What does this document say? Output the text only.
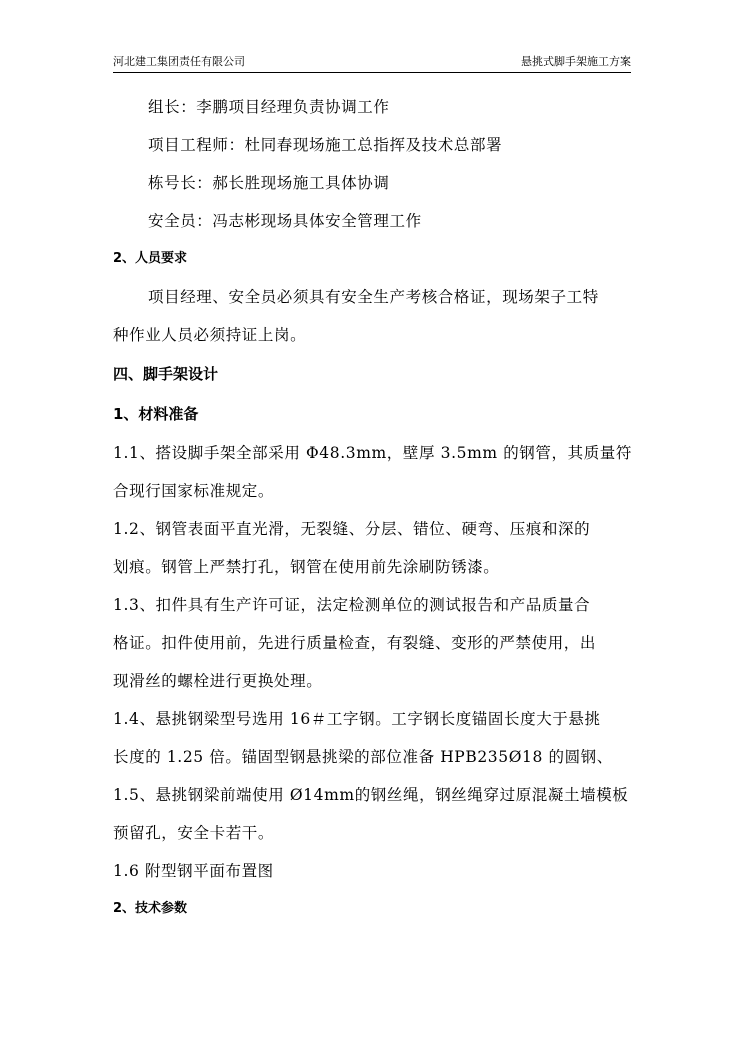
河北建工集团责任有限公司	悬挑式脚手架施工方案

组长：李鹏项目经理负责协调工作

项目工程师：杜同春现场施工总指挥及技术总部署

栋号长：郝长胜现场施工具体协调

安全员：冯志彬现场具体安全管理工作

2、人员要求

项目经理、安全员必须具有安全生产考核合格证，现场架子工特

种作业人员必须持证上岗。

四、脚手架设计

1、材料准备

1.1、搭设脚手架全部采用 Φ48.3mm，壁厚 3.5mm 的钢管，其质量符

合现行国家标准规定。

1.2、钢管表面平直光滑，无裂缝、分层、错位、硬弯、压痕和深的

划痕。钢管上严禁打孔，钢管在使用前先涂刷防锈漆。

1.3、扣件具有生产许可证，法定检测单位的测试报告和产品质量合

格证。扣件使用前，先进行质量检查，有裂缝、变形的严禁使用，出

现滑丝的螺栓进行更换处理。

1.4、悬挑钢梁型号选用 16＃工字钢。工字钢长度锚固长度大于悬挑

长度的 1.25 倍。锚固型钢悬挑梁的部位准备 HPB235Ø18 的圆钢、

1.5、悬挑钢梁前端使用 Ø14mm的钢丝绳，钢丝绳穿过原混凝土墙模板

预留孔，安全卡若干。

1.6 附型钢平面布置图

2、技术参数
